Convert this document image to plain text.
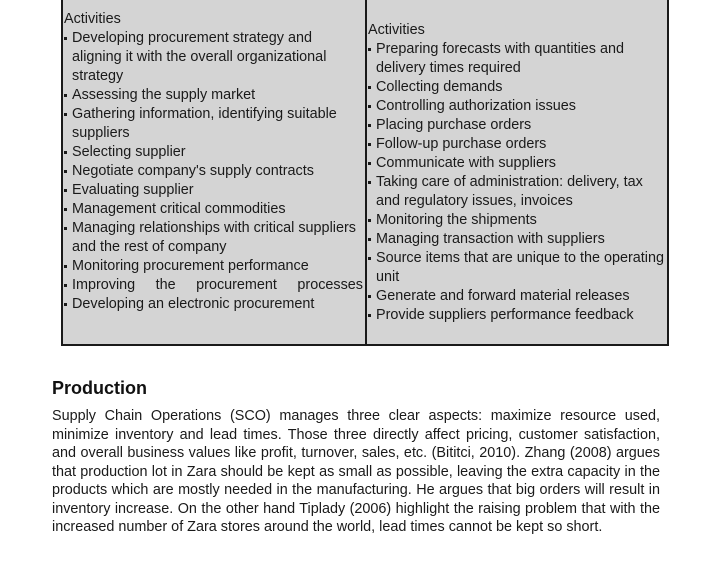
Activities
Developing procurement strategy and aligning it with the overall organizational strategy
Assessing the supply market
Gathering information, identifying suitable suppliers
Selecting supplier
Negotiate company's supply contracts
Evaluating supplier
Management critical commodities
Managing relationships with critical suppliers and the rest of company
Monitoring procurement performance
Improving the procurement processes
Developing an electronic procurement
Activities
Preparing forecasts with quantities and delivery times required
Collecting demands
Controlling authorization issues
Placing purchase orders
Follow-up purchase orders
Communicate with suppliers
Taking care of administration: delivery, tax and regulatory issues, invoices
Monitoring the shipments
Managing transaction with suppliers
Source items that are unique to the operating unit
Generate and forward material releases
Provide suppliers performance feedback
Production

Supply Chain Operations (SCO) manages three clear aspects: maximize resource used, minimize inventory and lead times. Those three directly affect pricing, customer satisfaction, and overall business values like profit, turnover, sales, etc. (Bititci, 2010). Zhang (2008) argues that production lot in Zara should be kept as small as possible, leaving the extra capacity in the products which are mostly needed in the manufacturing. He argues that big orders will result in inventory increase. On the other hand Tiplady (2006) highlight the raising problem that with the increased number of Zara stores around the world, lead times cannot be kept so short.
